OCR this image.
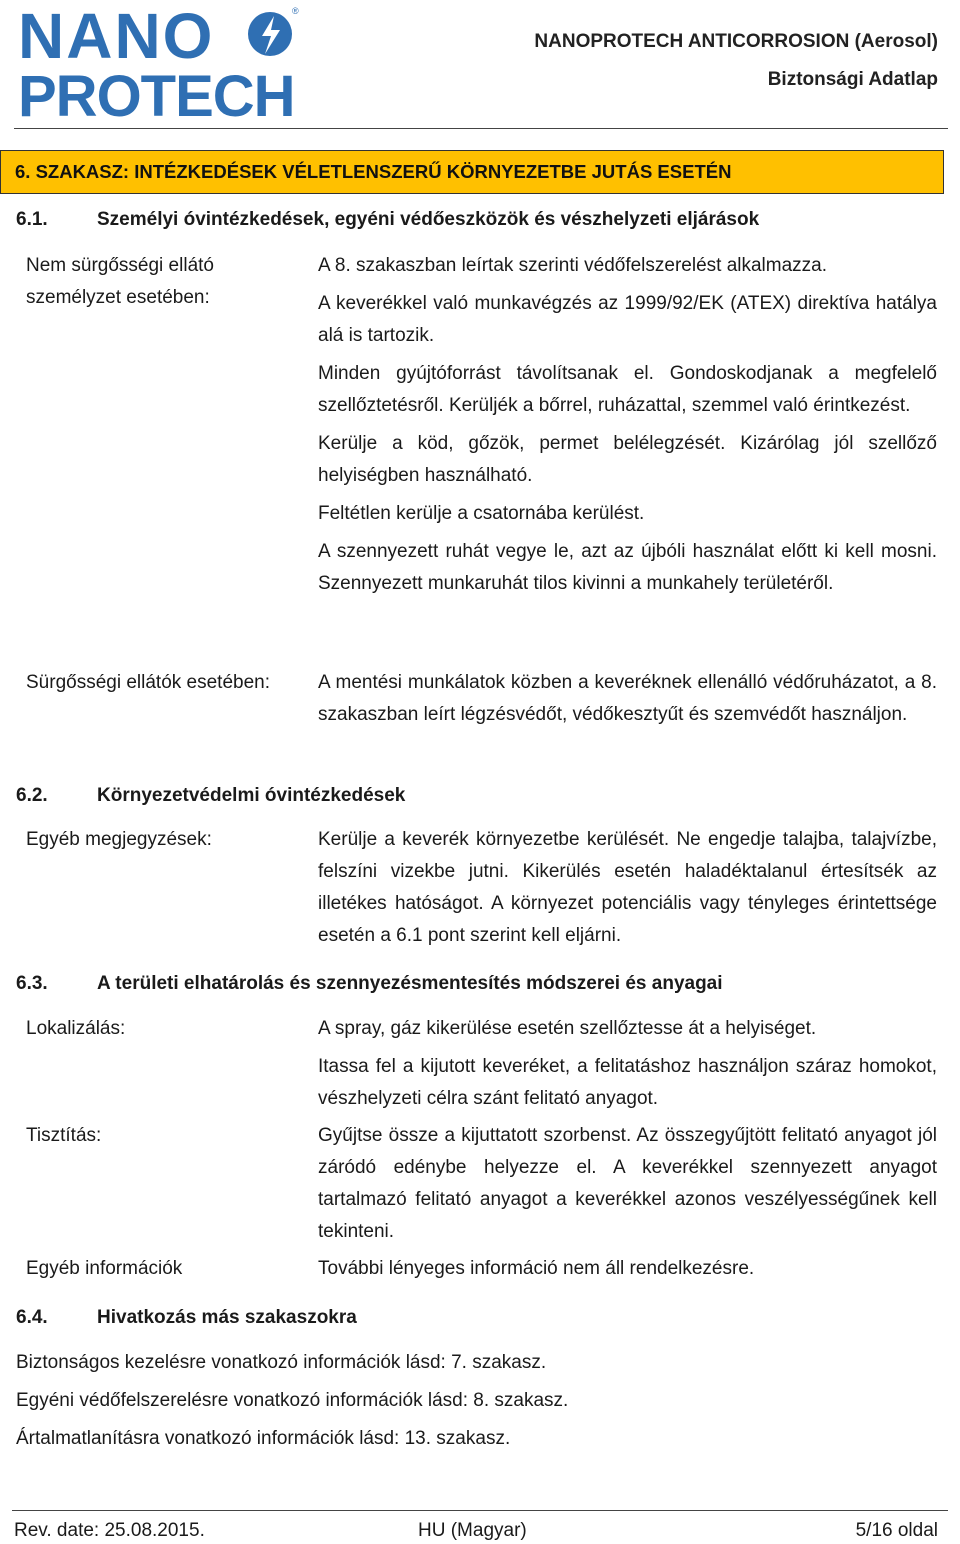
NANO
PROTECH
®
NANOPROTECH ANTICORROSION (Aerosol)
Biztonsági Adatlap
6. SZAKASZ: INTÉZKEDÉSEK VÉLETLENSZERŰ KÖRNYEZETBE JUTÁS ESETÉN
6.1.	Személyi óvintézkedések, egyéni védőeszközök és vészhelyzeti eljárások
Nem sürgősségi ellátó
személyzet esetében:

A 8. szakaszban leírtak szerinti védőfelszerelést alkalmazza.

A keverékkel való munkavégzés az 1999/92/EK (ATEX) direktíva hatálya alá is tartozik.

Minden gyújtóforrást távolítsanak el. Gondoskodjanak a megfelelő szellőztetésről. Kerüljék a bőrrel, ruházattal, szemmel való érintkezést.

Kerülje a köd, gőzök, permet belélegzését. Kizárólag jól szellőző helyiségben használható.

Feltétlen kerülje a csatornába kerülést.

A szennyezett ruhát vegye le, azt az újbóli használat előtt ki kell mosni. Szennyezett munkaruhát tilos kivinni a munkahely területéről.

Sürgősségi ellátók esetében:	A mentési munkálatok közben a keveréknek ellenálló védőruházatot, a 8. szakaszban leírt légzésvédőt, védőkesztyűt és szemvédőt használjon.

6.2.	Környezetvédelmi óvintézkedések
Egyéb megjegyzések:	Kerülje a keverék környezetbe kerülését. Ne engedje talajba, talajvízbe, felszíni vizekbe jutni. Kikerülés esetén haladéktalanul értesítsék az illetékes hatóságot. A környezet potenciális vagy tényleges érintettsége esetén a 6.1 pont szerint kell eljárni.

6.3.	A területi elhatárolás és szennyezésmentesítés módszerei és anyagai
Lokalizálás:	A spray, gáz kikerülése esetén szellőztesse át a helyiséget.

Itassa fel a kijutott keveréket, a felitatáshoz használjon száraz homokot, vészhelyzeti célra szánt felitató anyagot.

Tisztítás:	Gyűjtse össze a kijuttatott szorbenst. Az összegyűjtött felitató anyagot jól záródó edénybe helyezze el. A keverékkel szennyezett anyagot tartalmazó felitató anyagot a keverékkel azonos veszélyességűnek kell tekinteni.

Egyéb információk	További lényeges információ nem áll rendelkezésre.

6.4.	Hivatkozás más szakaszokra
Biztonságos kezelésre vonatkozó információk lásd: 7. szakasz.
Egyéni védőfelszerelésre vonatkozó információk lásd: 8. szakasz.
Ártalmatlanításra vonatkozó információk lásd: 13. szakasz.
Rev. date: 25.08.2015.	HU (Magyar)	5/16 oldal
